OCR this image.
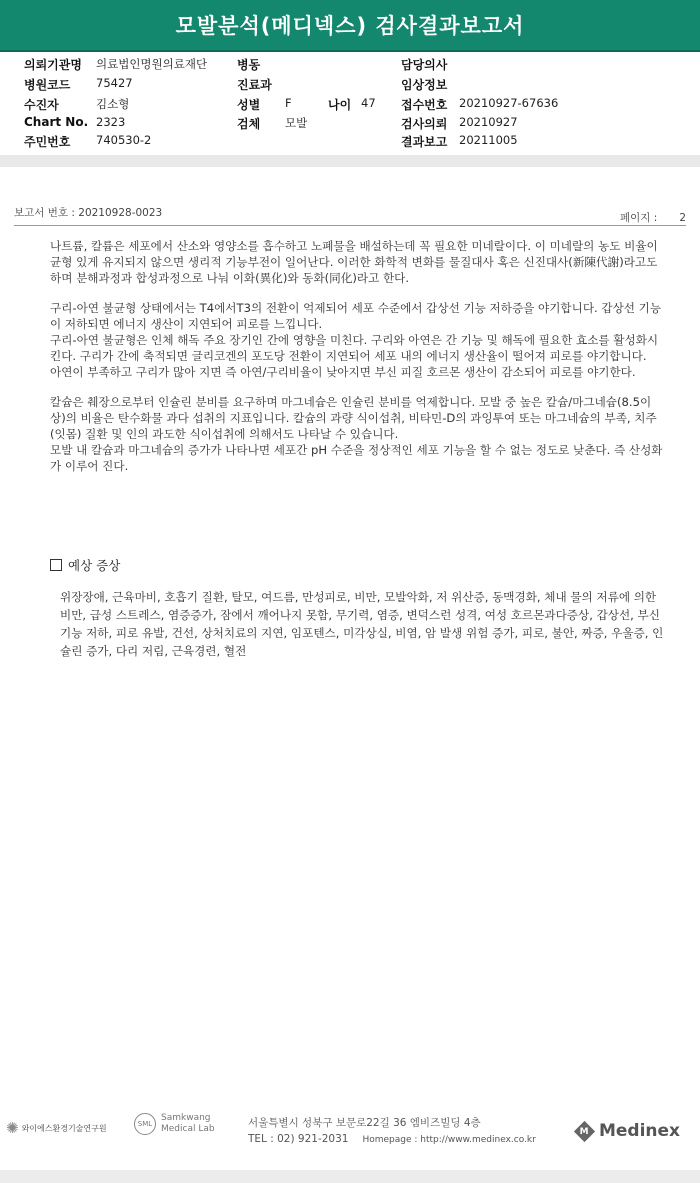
모발분석(메디넥스) 검사결과보고서
의뢰기관명 의료법인명원의료재단 병동	담당의사
병원코드 75427	진료과	임상정보
수진자	김소형	성별 F	나이 47 접수번호 20210927-67636
Chart No. 2323	검체 모발	검사의뢰 20210927
주민번호 740530-2	결과보고 20211005
보고서 번호 : 20210928-0023	페이지 : 2

나트륨, 칼륨은 세포에서 산소와 영양소를 흡수하고 노폐물을 배설하는데 꼭 필요한 미네랄이다. 이 미네랄의 농도 비율이 균형 있게 유지되지 않으면 생리적 기능부전이 일어난다. 이러한 화학적 변화를 물질대사 혹은 신진대사(新陳代謝)라고도 하며 분해과정과 합성과정으로 나눠 이화(異化)와 동화(同化)라고 한다.

구리-아연 불균형 상태에서는 T4에서T3의 전환이 억제되어 세포 수준에서 갑상선 기능 저하증을 야기합니다. 갑상선 기능이 저하되면 에너지 생산이 지연되어 피로를 느낍니다.

구리-아연 불균형은 인체 해독 주요 장기인 간에 영향을 미친다. 구리와 아연은 간 기능 및 해독에 필요한 효소를 활성화시킨다. 구리가 간에 축적되면 글리코겐의 포도당 전환이 지연되어 세포 내의 에너지 생산율이 떨어져 피로를 야기합니다.

아연이 부족하고 구리가 많아 지면 즉 아연/구리비율이 낮아지면 부신 피질 호르몬 생산이 감소되어 피로를 야기한다.

칼슘은 췌장으로부터 인슐린 분비를 요구하며 마그네슘은 인슐린 분비를 억제합니다. 모발 중 높은 칼슘/마그네슘(8.5이상)의 비율은 탄수화물 과다 섭취의 지표입니다. 칼슘의 과량 식이섭취, 비타민-D의 과잉투여 또는 마그네슘의 부족, 치주(잇몸) 질환 및 인의 과도한 식이섭취에 의해서도 나타날 수 있습니다.

모발 내 칼슘과 마그네슘의 증가가 나타나면 세포간 pH 수준을 정상적인 세포 기능을 할 수 없는 정도로 낮춘다. 즉 산성화가 이루어 진다.

예상 증상
위장장애, 근육마비, 호흡기 질환, 탈모, 여드름, 만성피로, 비만, 모발악화, 저 위산증, 동맥경화, 체내 물의 저류에 의한 비만, 급성 스트레스, 염증증가, 잠에서 깨어나지 못함, 무기력, 염증, 변덕스런 성격, 여성 호르몬과다증상, 갑상선, 부신 기능 저하, 피로 유발, 건선, 상처치료의 지연, 임포텐스, 미각상실, 비염, 암 발생 위험 증가, 피로, 불안, 짜증, 우울증, 인슐린 증가, 다리 저림, 근육경련, 혈전
✺ 와이에스환경기술연구원	SML
Samkwang
Medical Lab	서울특별시 성북구 보문로22길 36 엠비즈빌딩 4층
TEL : 02) 921-2031 Homepage : http://www.medinex.co.kr
M Medinex
